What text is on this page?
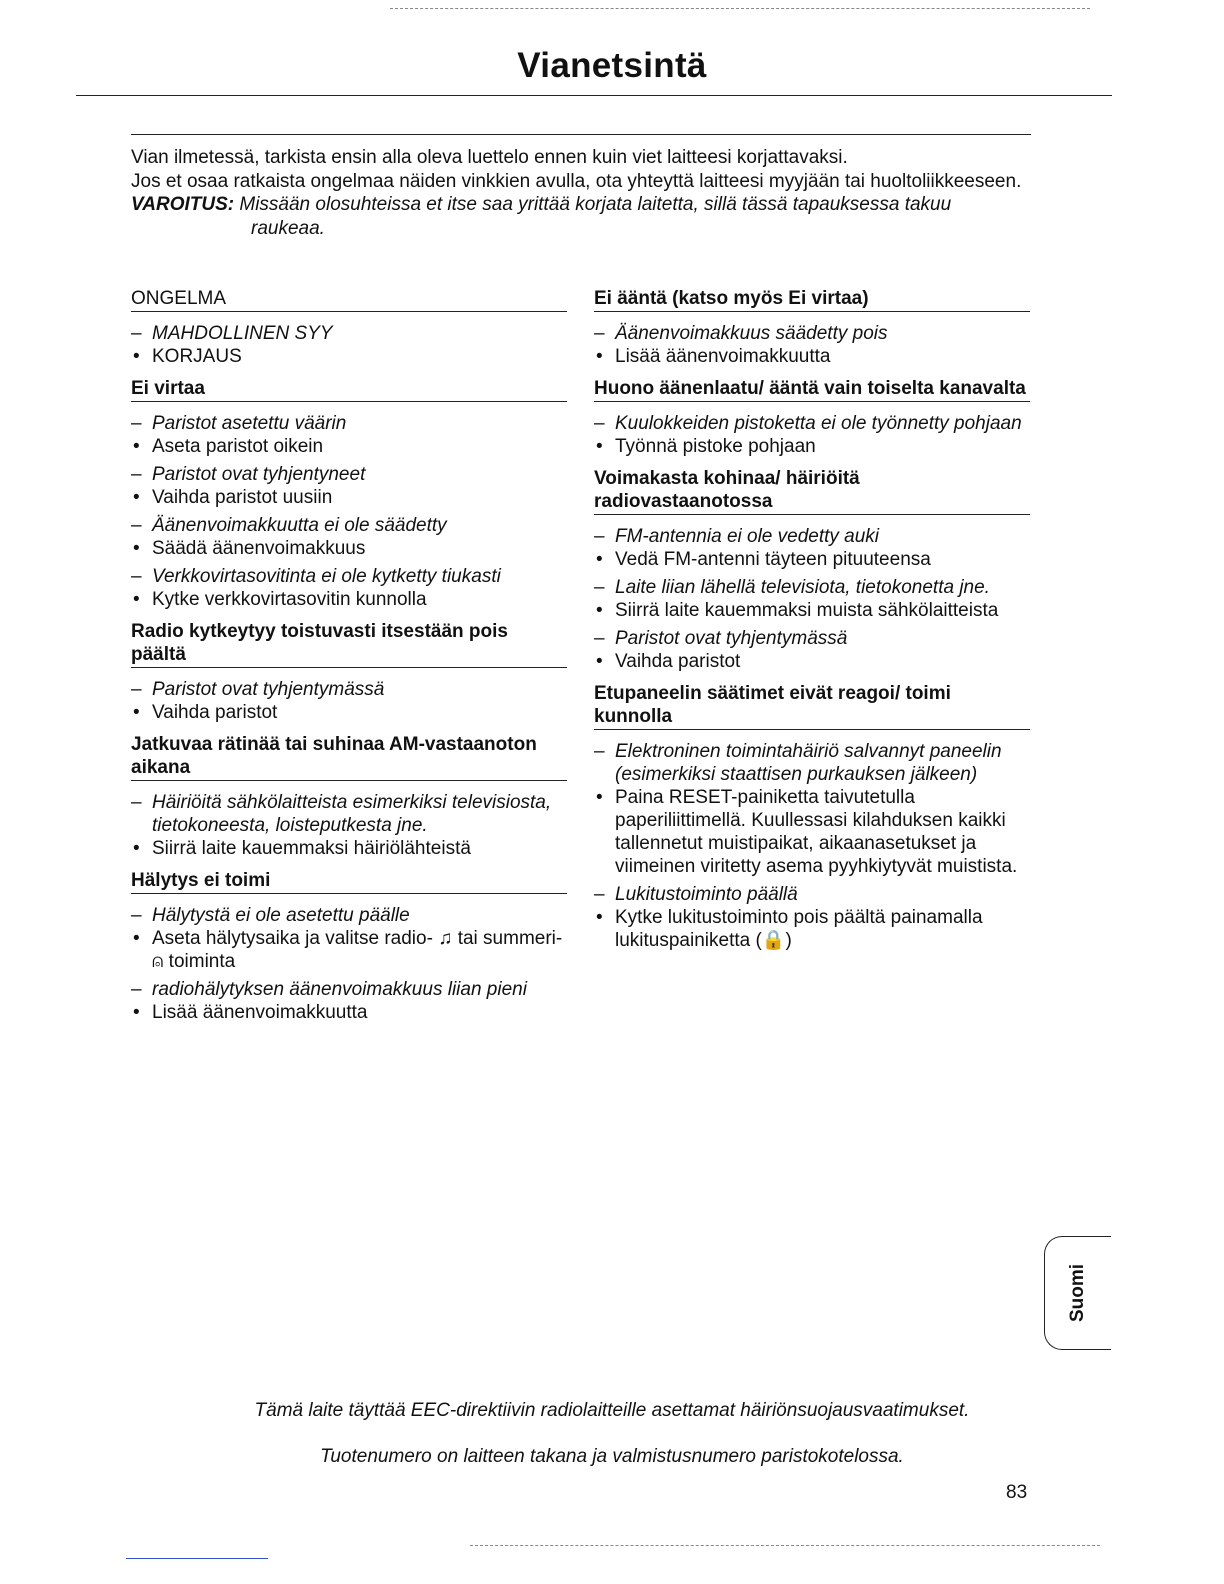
Vianetsintä

Vian ilmetessä, tarkista ensin alla oleva luettelo ennen kuin viet laitteesi korjattavaksi.

Jos et osaa ratkaista ongelmaa näiden vinkkien avulla, ota yhteyttä laitteesi myyjään tai huoltoliikkeeseen.

VAROITUS: Missään olosuhteissa et itse saa yrittää korjata laitetta, sillä tässä tapauksessa takuu
raukeaa.

ONGELMA
– MAHDOLLINEN SYY
• KORJAUS
Ei virtaa
– Paristot asetettu väärin
• Aseta paristot oikein
– Paristot ovat tyhjentyneet
• Vaihda paristot uusiin
– Äänenvoimakkuutta ei ole säädetty
• Säädä äänenvoimakkuus
– Verkkovirtasovitinta ei ole kytketty tiukasti
• Kytke verkkovirtasovitin kunnolla
Radio kytkeytyy toistuvasti itsestään pois päältä
– Paristot ovat tyhjentymässä
• Vaihda paristot
Jatkuvaa rätinää tai suhinaa AM-vastaanoton aikana
– Häiriöitä sähkölaitteista esimerkiksi televisiosta, tietokoneesta, loisteputkesta jne.
• Siirrä laite kauemmaksi häiriölähteistä
Hälytys ei toimi
– Hälytystä ei ole asetettu päälle
• Aseta hälytysaika ja valitse radio- ♫ tai summeri- ⍝ toiminta
– radiohälytyksen äänenvoimakkuus liian pieni
• Lisää äänenvoimakkuutta
Ei ääntä (katso myös Ei virtaa)
– Äänenvoimakkuus säädetty pois
• Lisää äänenvoimakkuutta
Huono äänenlaatu/ ääntä vain toiselta kanavalta
– Kuulokkeiden pistoketta ei ole työnnetty pohjaan
• Työnnä pistoke pohjaan
Voimakasta kohinaa/ häiriöitä radiovastaanotossa
– FM-antennia ei ole vedetty auki
• Vedä FM-antenni täyteen pituuteensa
– Laite liian lähellä televisiota, tietokonetta jne.
• Siirrä laite kauemmaksi muista sähkölaitteista
– Paristot ovat tyhjentymässä
• Vaihda paristot
Etupaneelin säätimet eivät reagoi/ toimi kunnolla
– Elektroninen toimintahäiriö salvannyt paneelin (esimerkiksi staattisen purkauksen jälkeen)
• Paina RESET-painiketta taivutetulla paperiliittimellä. Kuullessasi kilahduksen kaikki tallennetut muistipaikat, aikaanasetukset ja viimeinen viritetty asema pyyhkiytyvät muistista.
– Lukitustoiminto päällä
• Kytke lukitustoiminto pois päältä painamalla lukituspainiketta (🔒)
Suomi
Tämä laite täyttää EEC-direktiivin radiolaitteille asettamat häiriönsuojausvaatimukset.
Tuotenumero on laitteen takana ja valmistusnumero paristokotelossa.
83
